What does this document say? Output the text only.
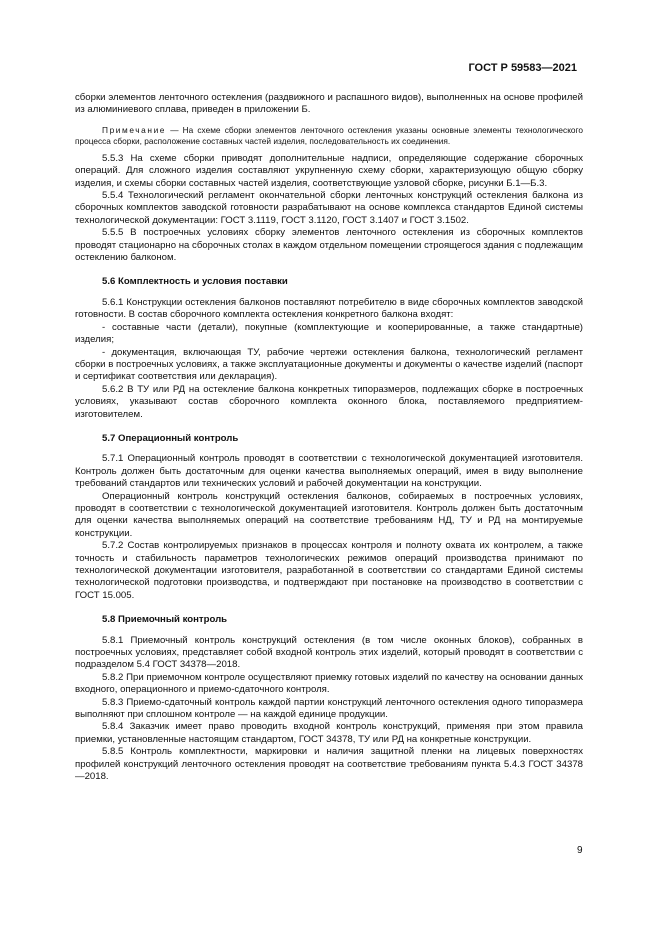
ГОСТ Р 59583—2021

сборки элементов ленточного остекления (раздвижного и распашного видов), выполненных на основе профилей из алюминиевого сплава, приведен в приложении Б.

Примечание — На схеме сборки элементов ленточного остекления указаны основные элементы технологического процесса сборки, расположение составных частей изделия, последовательность их соединения.

5.5.3 На схеме сборки приводят дополнительные надписи, определяющие содержание сборочных операций. Для сложного изделия составляют укрупненную схему сборки, характеризующую общую сборку изделия, и схемы сборки составных частей изделия, соответствующие узловой сборке, рисунки Б.1—Б.3.

5.5.4 Технологический регламент окончательной сборки ленточных конструкций остекления балкона из сборочных комплектов заводской готовности разрабатывают на основе комплекса стандартов Единой системы технологической документации: ГОСТ 3.1119, ГОСТ 3.1120, ГОСТ 3.1407 и ГОСТ 3.1502.

5.5.5 В построечных условиях сборку элементов ленточного остекления из сборочных комплектов проводят стационарно на сборочных столах в каждом отдельном помещении строящегося здания с подлежащим остеклению балконом.

5.6 Комплектность и условия поставки

5.6.1 Конструкции остекления балконов поставляют потребителю в виде сборочных комплектов заводской готовности. В состав сборочного комплекта остекления конкретного балкона входят:

- составные части (детали), покупные (комплектующие и кооперированные, а также стандартные) изделия;

- документация, включающая ТУ, рабочие чертежи остекления балкона, технологический регламент сборки в построечных условиях, а также эксплуатационные документы и документы о качестве изделий (паспорт и сертификат соответствия или декларация).

5.6.2 В ТУ или РД на остекление балкона конкретных типоразмеров, подлежащих сборке в построечных условиях, указывают состав сборочного комплекта оконного блока, поставляемого предприятием-изготовителем.

5.7 Операционный контроль

5.7.1 Операционный контроль проводят в соответствии с технологической документацией изготовителя. Контроль должен быть достаточным для оценки качества выполняемых операций, имея в виду выполнение требований стандартов или технических условий и рабочей документации на конструкции.

Операционный контроль конструкций остекления балконов, собираемых в построечных условиях, проводят в соответствии с технологической документацией изготовителя. Контроль должен быть достаточным для оценки качества выполняемых операций на соответствие требованиям НД, ТУ и РД на монтируемые конструкции.

5.7.2 Состав контролируемых признаков в процессах контроля и полноту охвата их контролем, а также точность и стабильность параметров технологических режимов операций производства принимают по технологической документации изготовителя, разработанной в соответствии со стандартами Единой системы технологической подготовки производства, и подтверждают при постановке на производство в соответствии с ГОСТ 15.005.

5.8 Приемочный контроль

5.8.1 Приемочный контроль конструкций остекления (в том числе оконных блоков), собранных в построечных условиях, представляет собой входной контроль этих изделий, который проводят в соответствии с подразделом 5.4 ГОСТ 34378—2018.

5.8.2 При приемочном контроле осуществляют приемку готовых изделий по качеству на основании данных входного, операционного и приемо-сдаточного контроля.

5.8.3 Приемо-сдаточный контроль каждой партии конструкций ленточного остекления одного типоразмера выполняют при сплошном контроле — на каждой единице продукции.

5.8.4 Заказчик имеет право проводить входной контроль конструкций, применяя при этом правила приемки, установленные настоящим стандартом, ГОСТ 34378, ТУ или РД на конкретные конструкции.

5.8.5 Контроль комплектности, маркировки и наличия защитной пленки на лицевых поверхностях профилей конструкций ленточного остекления проводят на соответствие требованиям пункта 5.4.3 ГОСТ 34378—2018.

9
